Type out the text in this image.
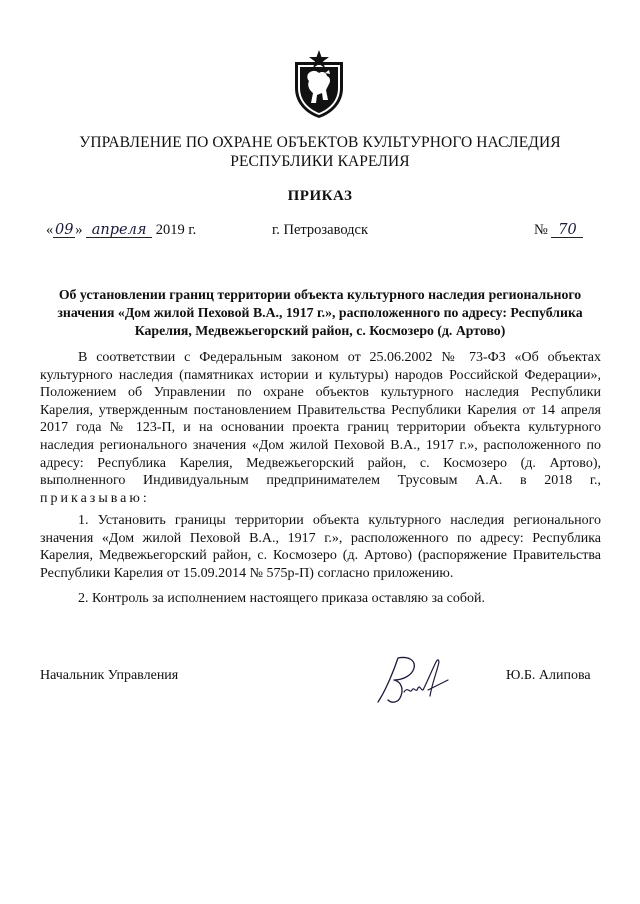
УПРАВЛЕНИЕ ПО ОХРАНЕ ОБЪЕКТОВ КУЛЬТУРНОГО НАСЛЕДИЯ
РЕСПУБЛИКИ КАРЕЛИЯ
ПРИКАЗ
« 09 » апреля 2019 г.	г. Петрозаводск	№ 70
Об установлении границ территории объекта культурного наследия регионального
значения «Дом жилой Пеховой В.А., 1917 г.», расположенного по адресу: Республика
Карелия, Медвежьегорский район, с. Космозеро (д. Артово)
В соответствии с Федеральным законом от 25.06.2002 № 73-ФЗ «Об объектах
культурного наследия (памятниках истории и культуры) народов Российской Федерации»,
Положением об Управлении по охране объектов культурного наследия Республики
Карелия, утвержденным постановлением Правительства Республики Карелия от 14 апреля
2017 года № 123-П, и на основании проекта границ территории объекта культурного
наследия регионального значения «Дом жилой Пеховой В.А., 1917 г.», расположенного по
адресу: Республика Карелия, Медвежьегорский район, с. Космозеро (д. Артово),
выполненного Индивидуальным предпринимателем Трусовым А.А. в 2018 г.,
приказываю:
1. Установить границы территории объекта культурного наследия регионального
значения «Дом жилой Пеховой В.А., 1917 г.», расположенного по адресу: Республика
Карелия, Медвежьегорский район, с. Космозеро (д. Артово) (распоряжение Правительства
Республики Карелия от 15.09.2014 № 575р-П) согласно приложению.
2. Контроль за исполнением настоящего приказа оставляю за собой.
Начальник Управления	Ю.Б. Алипова
